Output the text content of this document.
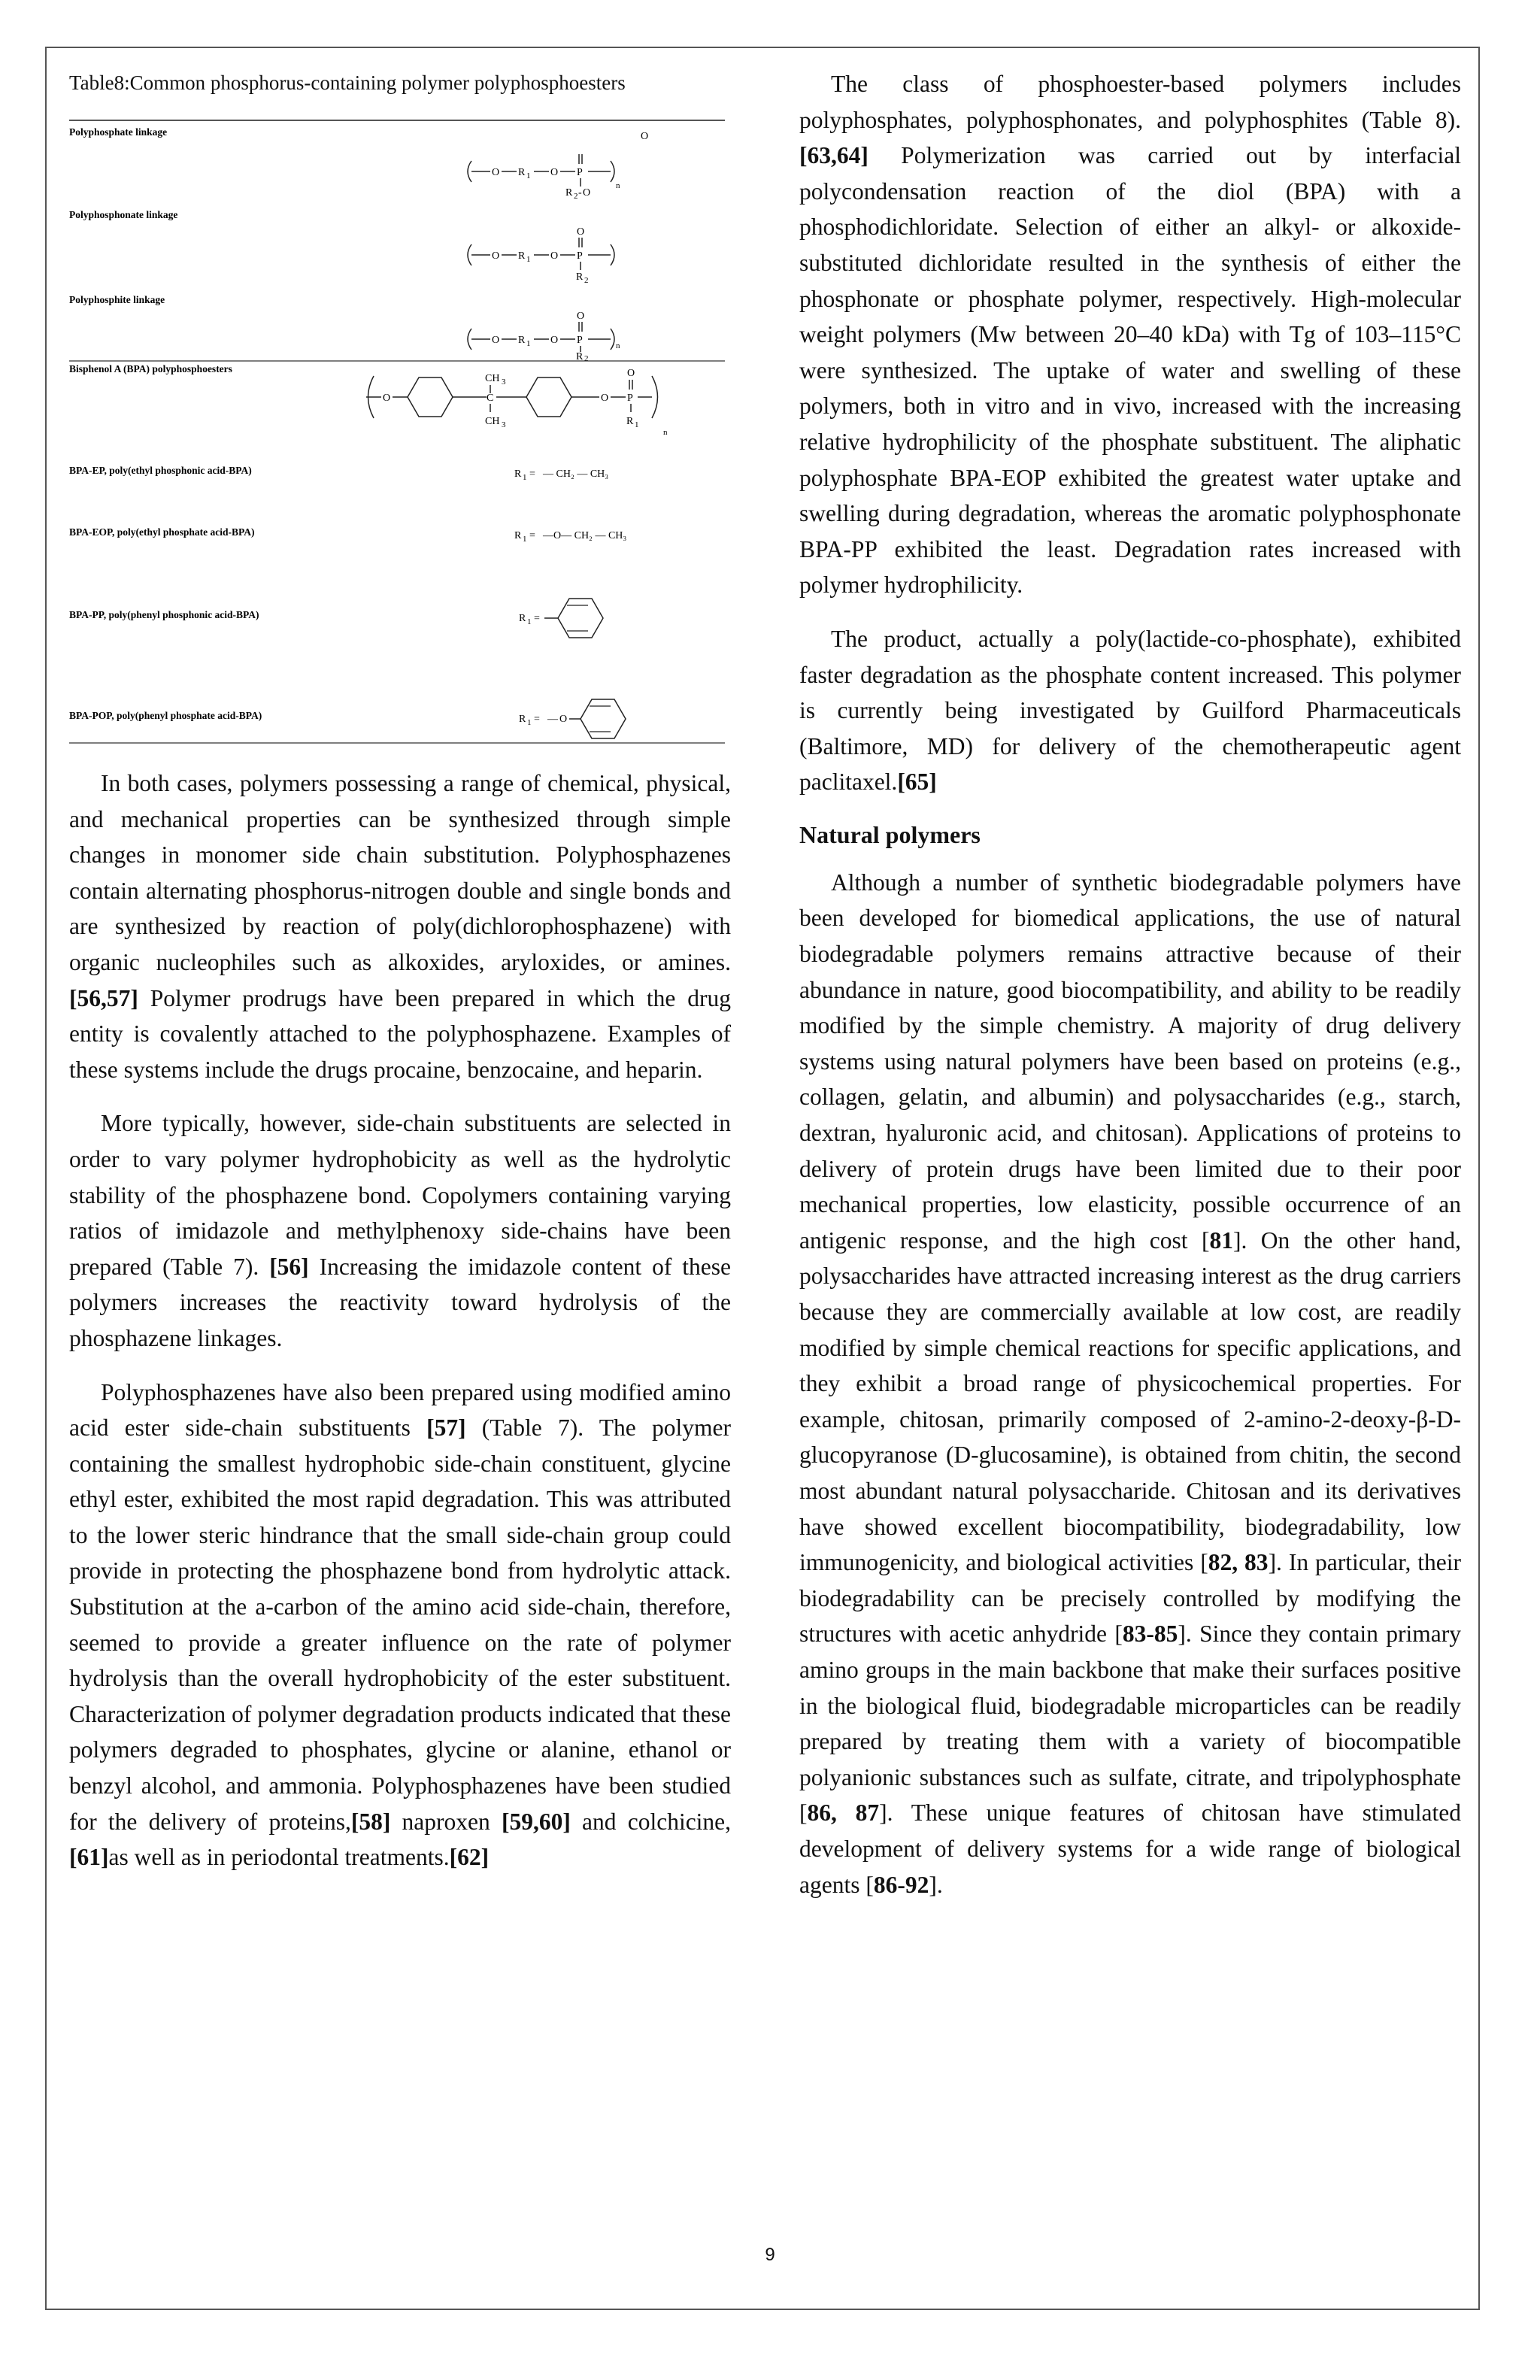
Table8:Common phosphorus-containing polymer polyphosphoesters
Polyphosphate linkage
Polyphosphonate linkage
Polyphosphite linkage
Bisphenol A (BPA) polyphosphoesters
BPA-EP, poly(ethyl phosphonic acid-BPA)
BPA-EOP, poly(ethyl phosphate acid-BPA)
BPA-PP, poly(phenyl phosphonic acid-BPA)
BPA-POP, poly(phenyl phosphate acid-BPA)
O R 1 O P
O
R 2 - O
n
O R 1 O P
O
R 2
O R 1 O P
O
R 2
n
O
CH 3
C
CH 3
O P
O
R 1
n
R 1 = — CH₂ — CH₃
R 1 = —O— CH₂ — CH₃
R 1 =
R 1 = — O

In both cases, polymers possessing a range of chemical, physical, and mechanical properties can be synthesized through simple changes in monomer side chain substitution. Polyphosphazenes contain alternating phosphorus-nitrogen double and single bonds and are synthesized by reaction of poly(dichlorophosphazene) with organic nucleophiles such as alkoxides, aryloxides, or amines. [56,57] Polymer prodrugs have been prepared in which the drug entity is covalently attached to the polyphosphazene. Examples of these systems include the drugs procaine, benzocaine, and heparin.

More typically, however, side-chain substituents are selected in order to vary polymer hydrophobicity as well as the hydrolytic stability of the phosphazene bond. Copolymers containing varying ratios of imidazole and methylphenoxy side-chains have been prepared (Table 7). [56] Increasing the imidazole content of these polymers increases the reactivity toward hydrolysis of the phosphazene linkages.

Polyphosphazenes have also been prepared using modified amino acid ester side-chain substituents [57] (Table 7). The polymer containing the smallest hydrophobic side-chain constituent, glycine ethyl ester, exhibited the most rapid degradation. This was attributed to the lower steric hindrance that the small side-chain group could provide in protecting the phosphazene bond from hydrolytic attack. Substitution at the a-carbon of the amino acid side-chain, therefore, seemed to provide a greater influence on the rate of polymer hydrolysis than the overall hydrophobicity of the ester substituent. Characterization of polymer degradation products indicated that these polymers degraded to phosphates, glycine or alanine, ethanol or benzyl alcohol, and ammonia. Polyphosphazenes have been studied for the delivery of proteins,[58] naproxen [59,60] and colchicine,[61]as well as in periodontal treatments.[62]

The class of phosphoester-based polymers includes polyphosphates, polyphosphonates, and polyphosphites (Table 8). [63,64] Polymerization was carried out by interfacial polycondensation reaction of the diol (BPA) with a phosphodichloridate. Selection of either an alkyl- or alkoxide-substituted dichloridate resulted in the synthesis of either the phosphonate or phosphate polymer, respectively. High-molecular weight polymers (Mw between 20–40 kDa) with Tg of 103–115°C were synthesized. The uptake of water and swelling of these polymers, both in vitro and in vivo, increased with the increasing relative hydrophilicity of the phosphate substituent. The aliphatic polyphosphate BPA-EOP exhibited the greatest water uptake and swelling during degradation, whereas the aromatic polyphosphonate BPA-PP exhibited the least. Degradation rates increased with polymer hydrophilicity.

The product, actually a poly(lactide-co-phosphate), exhibited faster degradation as the phosphate content increased. This polymer is currently being investigated by Guilford Pharmaceuticals (Baltimore, MD) for delivery of the chemotherapeutic agent paclitaxel.[65]

Natural polymers

Although a number of synthetic biodegradable polymers have been developed for biomedical applications, the use of natural biodegradable polymers remains attractive because of their abundance in nature, good biocompatibility, and ability to be readily modified by the simple chemistry. A majority of drug delivery systems using natural polymers have been based on proteins (e.g., collagen, gelatin, and albumin) and polysaccharides (e.g., starch, dextran, hyaluronic acid, and chitosan). Applications of proteins to delivery of protein drugs have been limited due to their poor mechanical properties, low elasticity, possible occurrence of an antigenic response, and the high cost [81]. On the other hand, polysaccharides have attracted increasing interest as the drug carriers because they are commercially available at low cost, are readily modified by simple chemical reactions for specific applications, and they exhibit a broad range of physicochemical properties. For example, chitosan, primarily composed of 2-amino-2-deoxy-β-D-glucopyranose (D-glucosamine), is obtained from chitin, the second most abundant natural polysaccharide. Chitosan and its derivatives have showed excellent biocompatibility, biodegradability, low immunogenicity, and biological activities [82, 83]. In particular, their biodegradability can be precisely controlled by modifying the structures with acetic anhydride [83-85]. Since they contain primary amino groups in the main backbone that make their surfaces positive in the biological fluid, biodegradable microparticles can be readily prepared by treating them with a variety of biocompatible polyanionic substances such as sulfate, citrate, and tripolyphosphate [86, 87]. These unique features of chitosan have stimulated development of delivery systems for a wide range of biological agents [86-92].

9
